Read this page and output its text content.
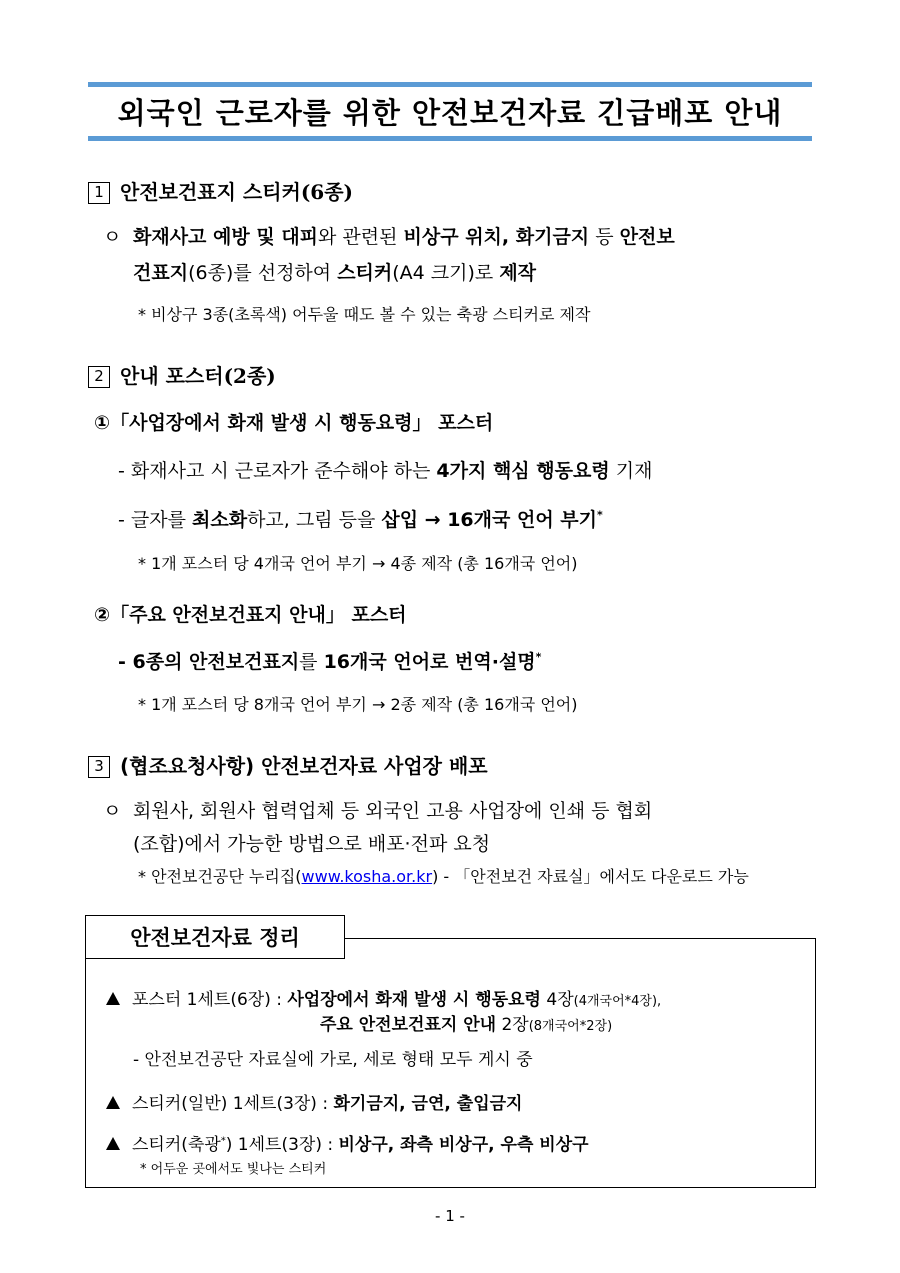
외국인 근로자를 위한 안전보건자료 긴급배포 안내
1 안전보건표지 스티커(6종)
ㅇ 화재사고 예방 및 대피와 관련된 비상구 위치, 화기금지 등 안전보
건표지(6종)를 선정하여 스티커(A4 크기)로 제작
* 비상구 3종(초록색) 어두울 때도 볼 수 있는 축광 스티커로 제작
2 안내 포스터(2종)
①「사업장에서 화재 발생 시 행동요령」 포스터
- 화재사고 시 근로자가 준수해야 하는 4가지 핵심 행동요령 기재
- 글자를 최소화하고, 그림 등을 삽입 → 16개국 언어 부기*
* 1개 포스터 당 4개국 언어 부기 → 4종 제작 (총 16개국 언어)
②「주요 안전보건표지 안내」 포스터
- 6종의 안전보건표지를 16개국 언어로 번역·설명*
* 1개 포스터 당 8개국 언어 부기 → 2종 제작 (총 16개국 언어)
3 (협조요청사항) 안전보건자료 사업장 배포
ㅇ 회원사, 회원사 협력업체 등 외국인 고용 사업장에 인쇄 등 협회
(조합)에서 가능한 방법으로 배포·전파 요청
* 안전보건공단 누리집(www.kosha.or.kr) - 「안전보건 자료실」에서도 다운로드 가능
안전보건자료 정리
포스터 1세트(6장) : 사업장에서 화재 발생 시 행동요령 4장(4개국어*4장),
주요 안전보건표지 안내 2장(8개국어*2장)
- 안전보건공단 자료실에 가로, 세로 형태 모두 게시 중
스티커(일반) 1세트(3장) : 화기금지, 금연, 출입금지
스티커(축광*) 1세트(3장) : 비상구, 좌측 비상구, 우측 비상구
* 어두운 곳에서도 빛나는 스티커
- 1 -
